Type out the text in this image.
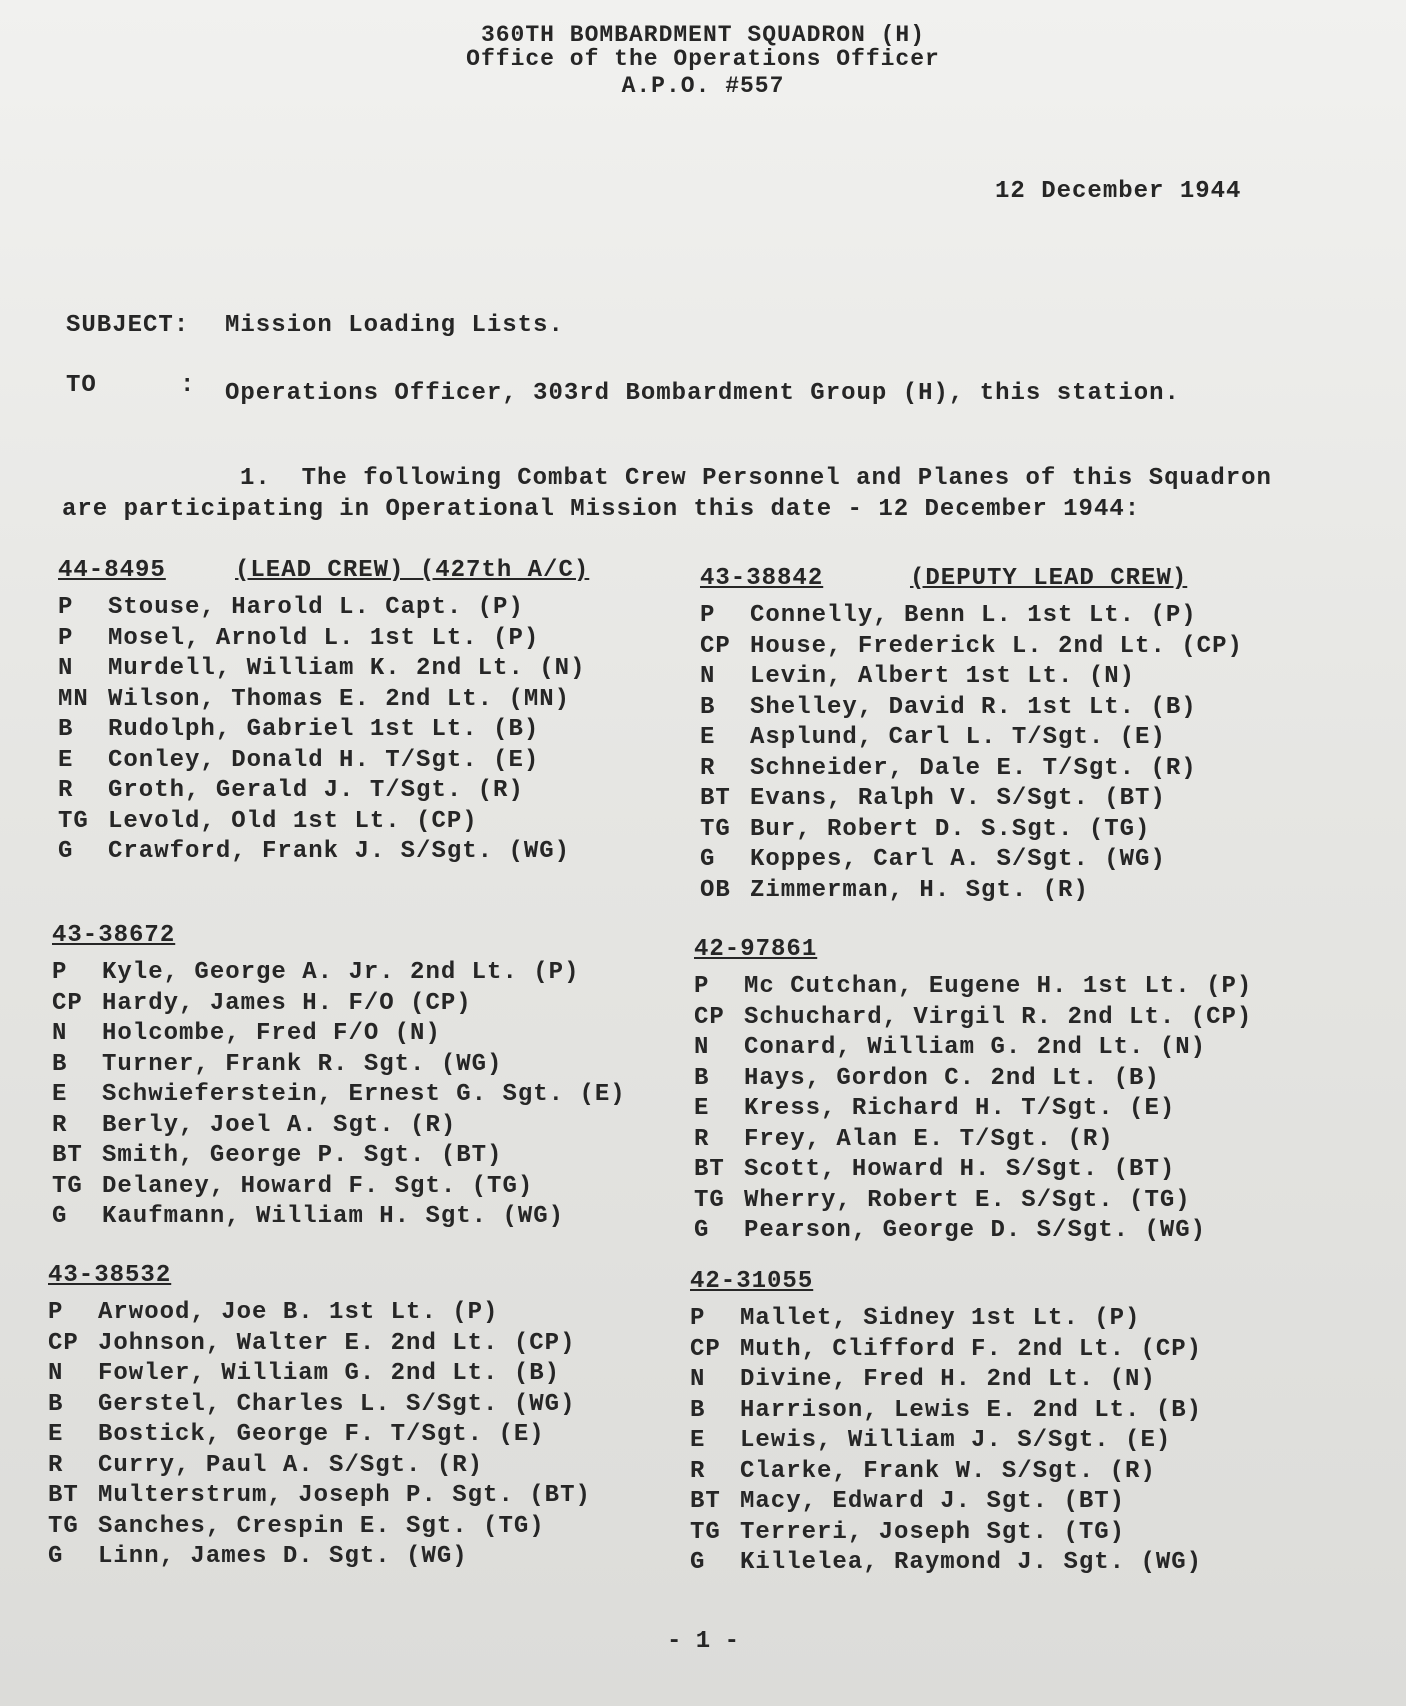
360TH BOMBARDMENT SQUADRON (H)
Office of the Operations Officer
A.P.O. #557
12 December 1944
SUBJECT: Mission Loading Lists.
TO	: Operations Officer, 303rd Bombardment Group (H), this station.
1.  The following Combat Crew Personnel and Planes of this Squadron
are participating in Operational Mission this date - 12 December 1944:
44-8495	(LEAD CREW) (427th A/C)
P Stouse, Harold L. Capt. (P)
P Mosel, Arnold L. 1st Lt. (P)
N Murdell, William K. 2nd Lt. (N)
MN Wilson, Thomas E. 2nd Lt. (MN)
B Rudolph, Gabriel 1st Lt. (B)
E Conley, Donald H. T/Sgt. (E)
R Groth, Gerald J. T/Sgt. (R)
TG Levold, Old 1st Lt. (CP)
G Crawford, Frank J. S/Sgt. (WG)
43-38842	(DEPUTY LEAD CREW)
P Connelly, Benn L. 1st Lt. (P)
CP House, Frederick L. 2nd Lt. (CP)
N Levin, Albert 1st Lt. (N)
B Shelley, David R. 1st Lt. (B)
E Asplund, Carl L. T/Sgt. (E)
R Schneider, Dale E. T/Sgt. (R)
BT Evans, Ralph V. S/Sgt. (BT)
TG Bur, Robert D. S.Sgt. (TG)
G Koppes, Carl A. S/Sgt. (WG)
OB Zimmerman, H. Sgt. (R)
43-38672
P Kyle, George A. Jr. 2nd Lt. (P)
CP Hardy, James H. F/O (CP)
N Holcombe, Fred F/O (N)
B Turner, Frank R. Sgt. (WG)
E Schwieferstein, Ernest G. Sgt. (E)
R Berly, Joel A. Sgt. (R)
BT Smith, George P. Sgt. (BT)
TG Delaney, Howard F. Sgt. (TG)
G Kaufmann, William H. Sgt. (WG)
42-97861
P Mc Cutchan, Eugene H. 1st Lt. (P)
CP Schuchard, Virgil R. 2nd Lt. (CP)
N Conard, William G. 2nd Lt. (N)
B Hays, Gordon C. 2nd Lt. (B)
E Kress, Richard H. T/Sgt. (E)
R Frey, Alan E. T/Sgt. (R)
BT Scott, Howard H. S/Sgt. (BT)
TG Wherry, Robert E. S/Sgt. (TG)
G Pearson, George D. S/Sgt. (WG)
43-38532
P Arwood, Joe B. 1st Lt. (P)
CP Johnson, Walter E. 2nd Lt. (CP)
N Fowler, William G. 2nd Lt. (B)
B Gerstel, Charles L. S/Sgt. (WG)
E Bostick, George F. T/Sgt. (E)
R Curry, Paul A. S/Sgt. (R)
BT Multerstrum, Joseph P. Sgt. (BT)
TG Sanches, Crespin E. Sgt. (TG)
G Linn, James D. Sgt. (WG)
42-31055
P Mallet, Sidney 1st Lt. (P)
CP Muth, Clifford F. 2nd Lt. (CP)
N Divine, Fred H. 2nd Lt. (N)
B Harrison, Lewis E. 2nd Lt. (B)
E Lewis, William J. S/Sgt. (E)
R Clarke, Frank W. S/Sgt. (R)
BT Macy, Edward J. Sgt. (BT)
TG Terreri, Joseph Sgt. (TG)
G Killelea, Raymond J. Sgt. (WG)
- 1 -
